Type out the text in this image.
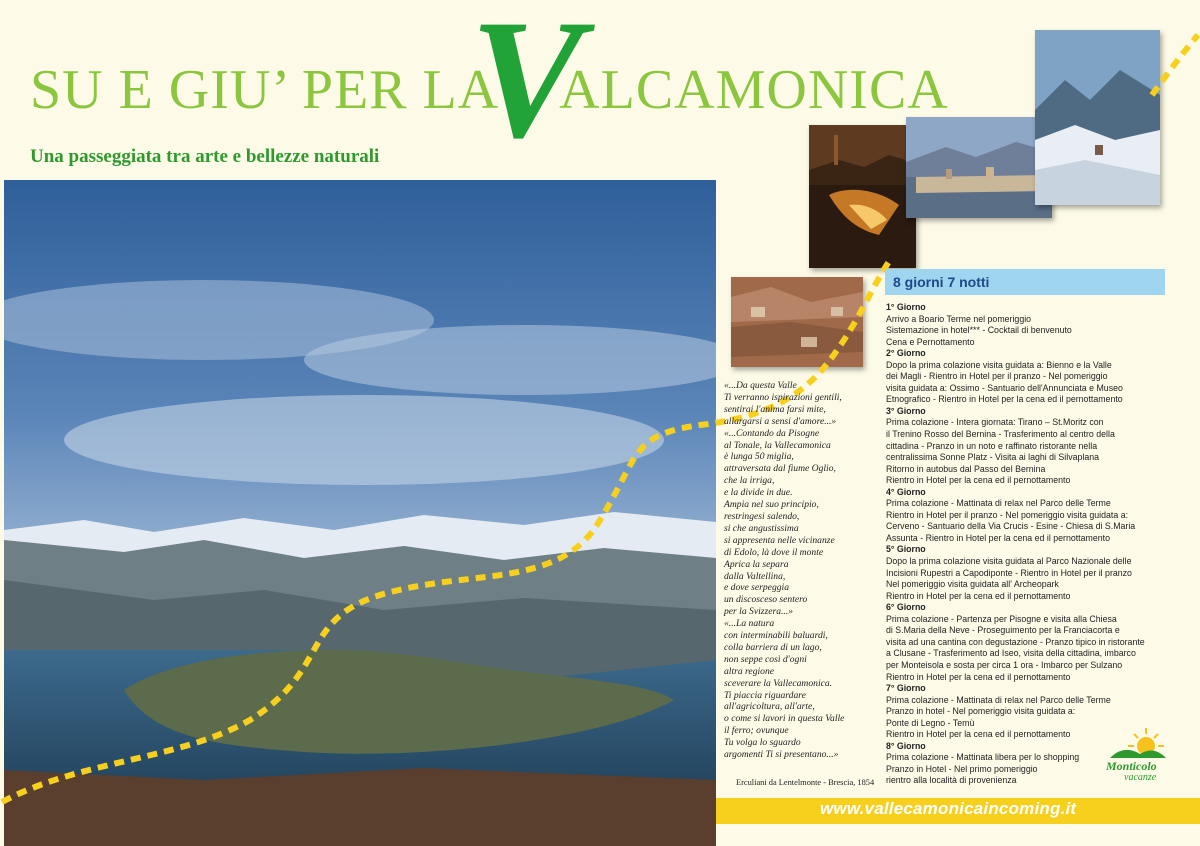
V
SU E GIU’ PER LA ALCAMONICA
Una passeggiata tra arte e bellezze naturali
«...Da questa Valle
Ti verranno ispirazioni gentili,
sentirai l'anima farsi mite,
allargarsi a sensi d'amore...»
«...Contando da Pisogne
al Tonale, la Vallecamonica
è lunga 50 miglia,
attraversata dal fiume Oglio,
che la irriga,
e la divide in due.
Ampia nel suo principio,
restringesi salendo,
si che angustissima
si appresenta nelle vicinanze
di Edolo, là dove il monte
Aprica la separa
dalla Valtellina,
e dove serpeggia
un discosceso sentero
per la Svizzera...»
«...La natura
con interminabili baluardi,
colla barriera di un lago,
non seppe così d'ogni
altra regione
sceverare la Vallecamonica.
Ti piaccia riguardare
all'agricoltura, all'arte,
o come si lavori in questa Valle
il ferro; ovunque
Tu volga lo sguardo
argomenti Ti si presentano...»
Erculiani da Lentelmonte - Brescia, 1854
8 giorni 7 notti
1° Giorno
Arrivo a Boario Terme nel pomeriggio
Sistemazione in hotel*** - Cocktail di benvenuto
Cena e Pernottamento
2° Giorno
Dopo la prima colazione visita guidata a: Bienno e la Valle
dei Magli - Rientro in Hotel per il pranzo - Nel pomeriggio
visita guidata a: Ossimo - Santuario dell'Annunciata e Museo
Etnografico - Rientro in Hotel per la cena ed il pernottamento
3° Giorno
Prima colazione - Intera giornata: Tirano – St.Moritz con
il Trenino Rosso del Bernina - Trasferimento al centro della
cittadina - Pranzo in un noto e raffinato ristorante nella
centralissima Sonne Platz - Visita ai laghi di Silvaplana
Ritorno in autobus dal Passo del Bernina
Rientro in Hotel per la cena ed il pernottamento
4° Giorno
Prima colazione - Mattinata di relax nel Parco delle Terme
Rientro in Hotel per il pranzo - Nel pomeriggio visita guidata a:
Cerveno - Santuario della Via Crucis - Esine - Chiesa di S.Maria
Assunta - Rientro in Hotel per la cena ed il pernottamento
5° Giorno
Dopo la prima colazione visita guidata al Parco Nazionale delle
Incisioni Rupestri a Capodiponte - Rientro in Hotel per il pranzo
Nel pomeriggio visita guidata all' Archeopark
Rientro in Hotel per la cena ed il pernottamento
6° Giorno
Prima colazione - Partenza per Pisogne e visita alla Chiesa
di S.Maria della Neve - Proseguimento per la Franciacorta e
visita ad una cantina con degustazione - Pranzo tipico in ristorante
a Clusane - Trasferimento ad Iseo, visita della cittadina, imbarco
per Monteisola e sosta per circa 1 ora - Imbarco per Sulzano
Rientro in Hotel per la cena ed il pernottamento
7° Giorno
Prima colazione - Mattinata di relax nel Parco delle Terme
Pranzo in hotel - Nel pomeriggio visita guidata a:
Ponte di Legno - Temù
Rientro in Hotel per la cena ed il pernottamento
8° Giorno
Prima colazione - Mattinata libera per lo shopping
Pranzo in Hotel - Nel primo pomeriggio
rientro alla località di provenienza
Monticolo
vacanze
www.vallecamonicaincoming.it
